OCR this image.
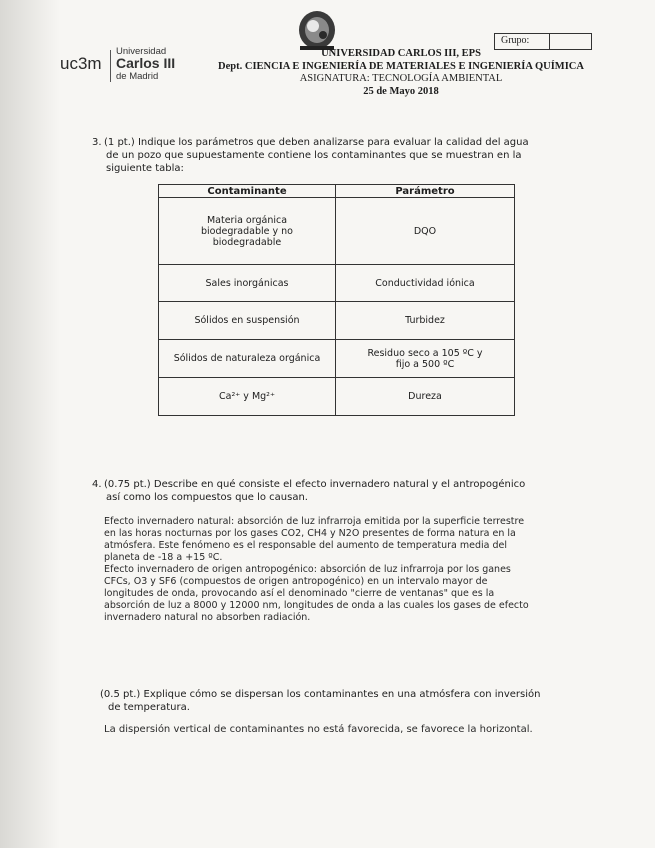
uc3m
Universidad
Carlos III
de Madrid
Grupo:
UNIVERSIDAD CARLOS III, EPS
Dept. CIENCIA E INGENIERÍA DE MATERIALES E INGENIERÍA QUÍMICA
ASIGNATURA: TECNOLOGÍA AMBIENTAL
25 de Mayo 2018
3. (1 pt.) Indique los parámetros que deben analizarse para evaluar la calidad del agua
de un pozo que supuestamente contiene los contaminantes que se muestran en la
siguiente tabla:
Contaminante	Parámetro

Materia orgánica
biodegradable y no
biodegradable	DQO

Sales inorgánicas	Conductividad iónica

Sólidos en suspensión	Turbidez

Sólidos de naturaleza orgánica	Residuo seco a 105 ºC y
fijo a 500 ºC

Ca²⁺ y Mg²⁺	Dureza
4. (0.75 pt.) Describe en qué consiste el efecto invernadero natural y el antropogénico
así como los compuestos que lo causan.
Efecto invernadero natural: absorción de luz infrarroja emitida por la superficie terrestre
en las horas nocturnas por los gases CO2, CH4 y N2O presentes de forma natura en la
atmósfera. Este fenómeno es el responsable del aumento de temperatura media del
planeta de -18 a +15 ºC.
Efecto invernadero de origen antropogénico: absorción de luz infrarroja por los ganes
CFCs, O3 y SF6 (compuestos de origen antropogénico) en un intervalo mayor de
longitudes de onda, provocando así el denominado "cierre de ventanas" que es la
absorción de luz a 8000 y 12000 nm, longitudes de onda a las cuales los gases de efecto
invernadero natural no absorben radiación.
(0.5 pt.) Explique cómo se dispersan los contaminantes en una atmósfera con inversión
de temperatura.
La dispersión vertical de contaminantes no está favorecida, se favorece la horizontal.
